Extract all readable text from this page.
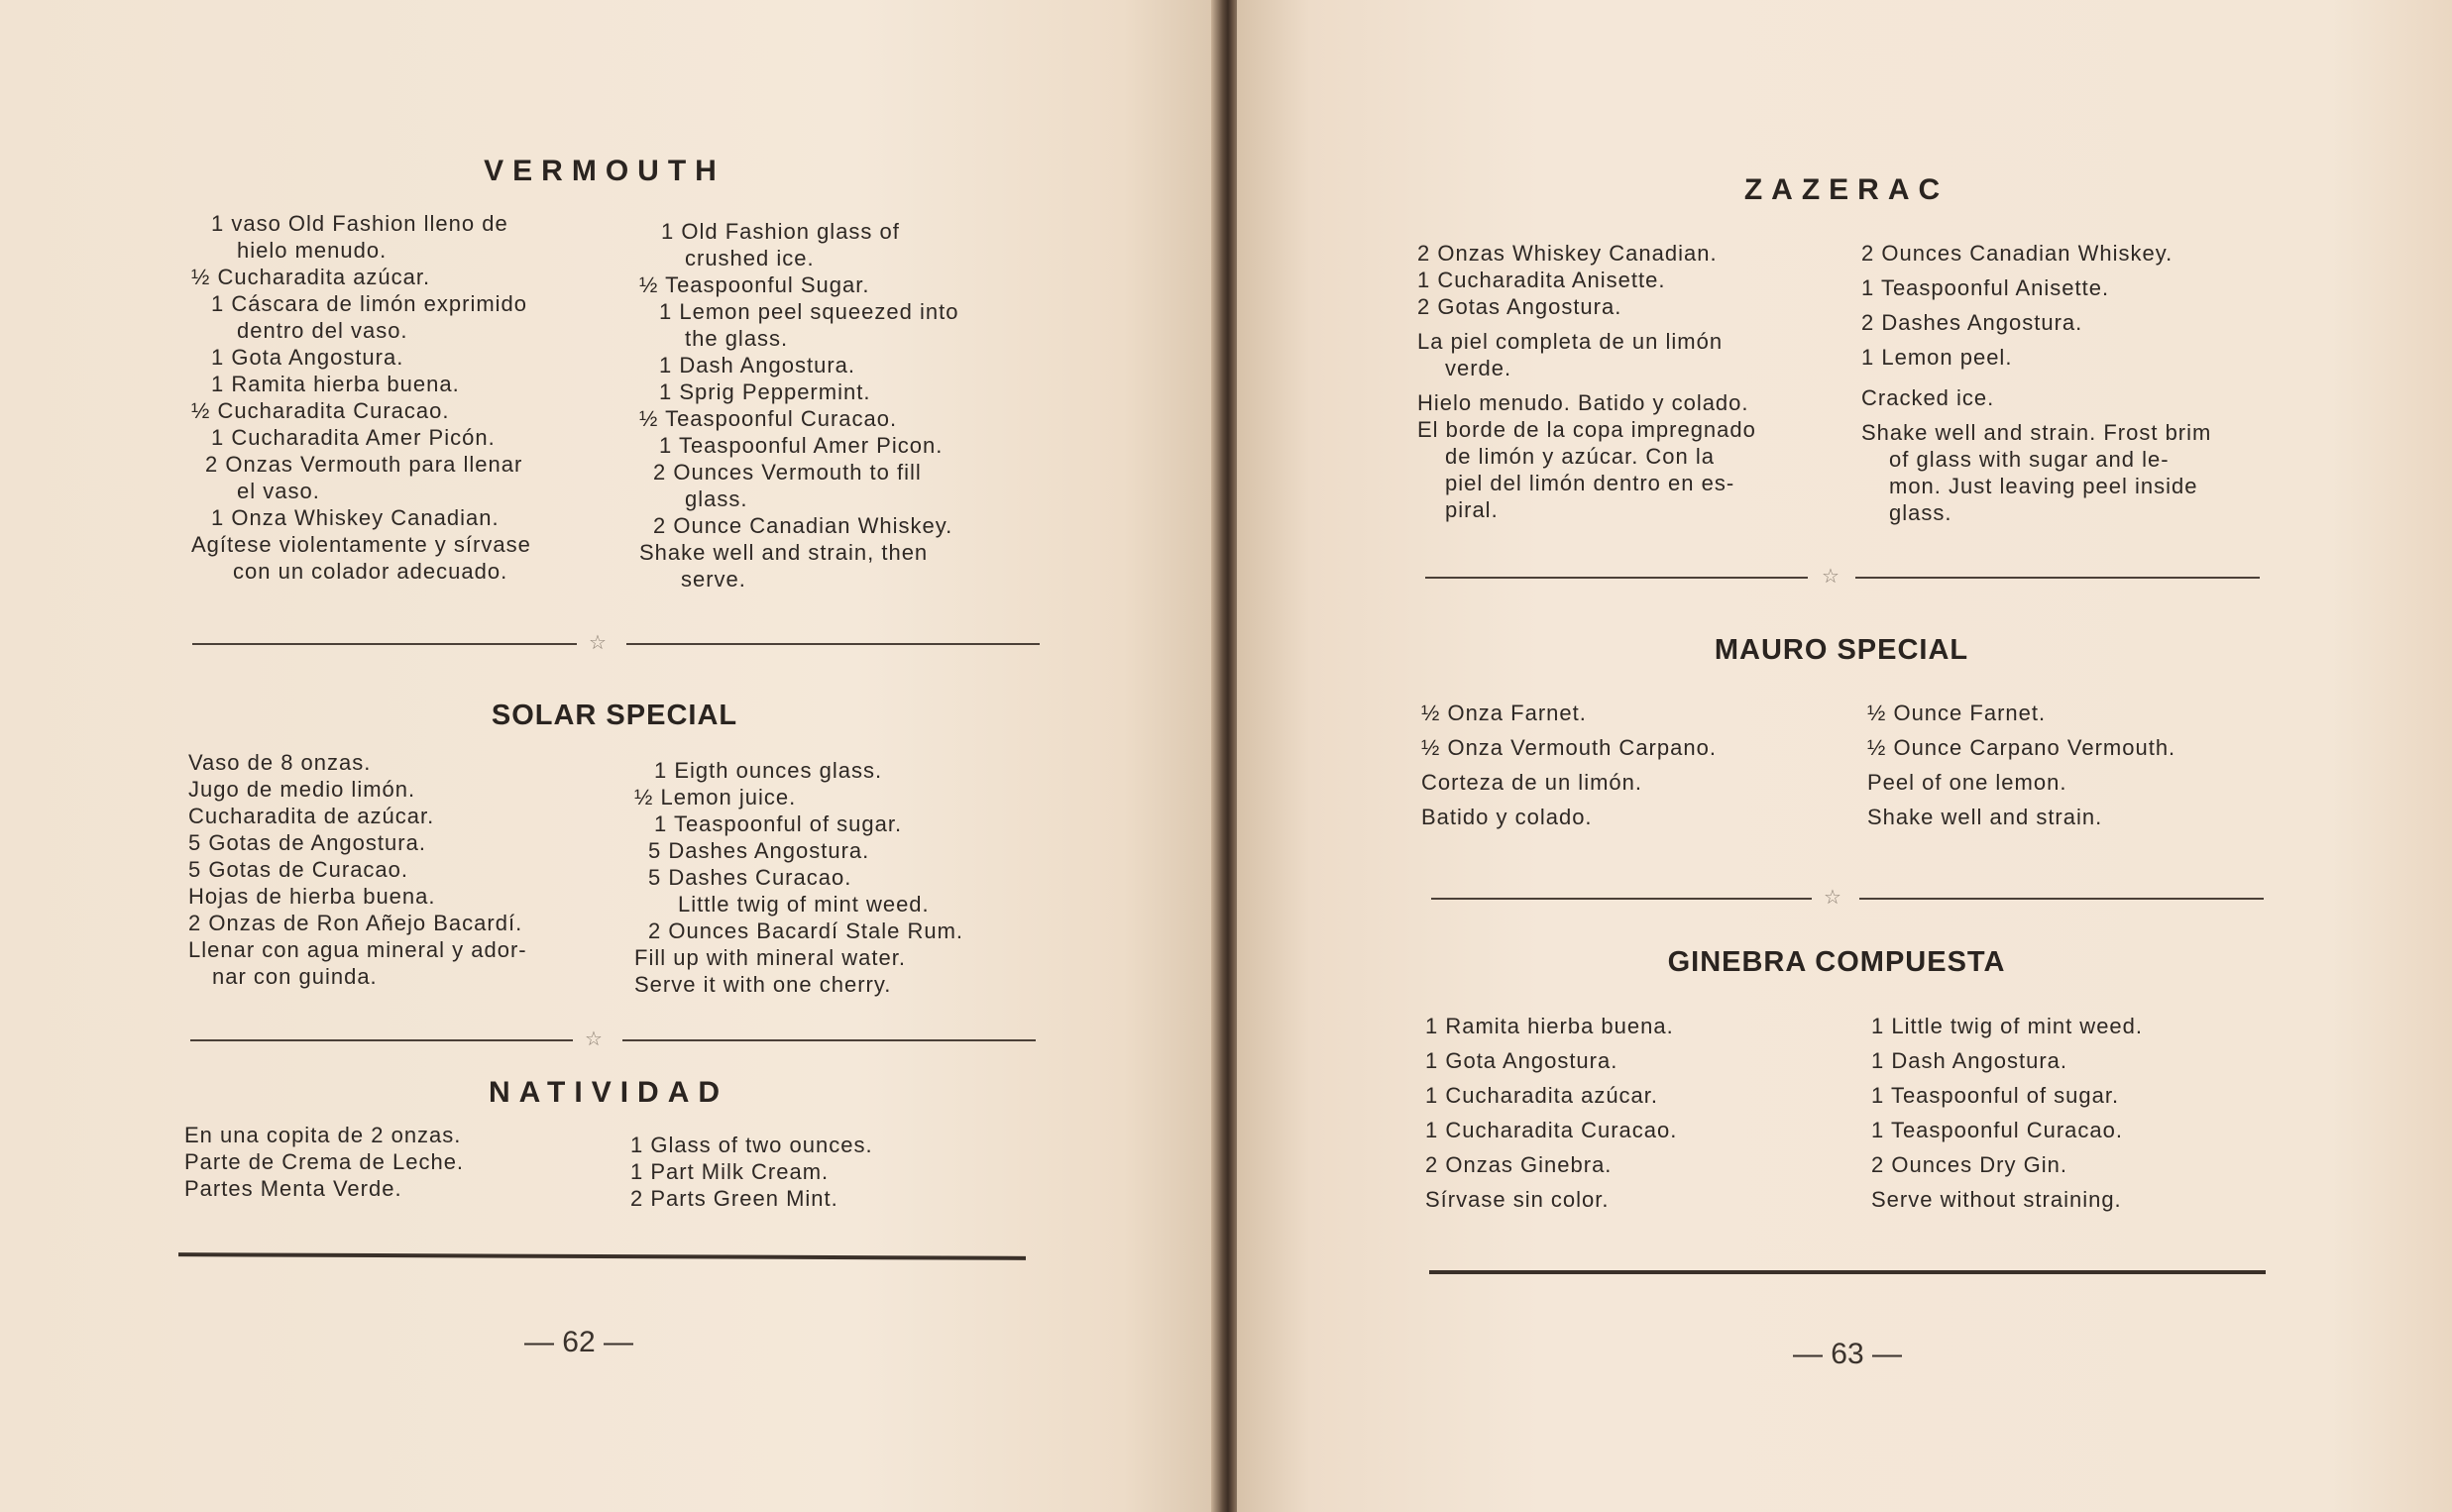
VERMOUTH
1 vaso Old Fashion lleno de
hielo menudo.
½ Cucharadita azúcar.
1 Cáscara de limón exprimido
dentro del vaso.
1 Gota Angostura.
1 Ramita hierba buena.
½ Cucharadita Curacao.
1 Cucharadita Amer Picón.
2 Onzas Vermouth para llenar
el vaso.
1 Onza Whiskey Canadian.
Agítese violentamente y sírvase
con un colador adecuado.
1 Old Fashion glass of
crushed ice.
½ Teaspoonful Sugar.
1 Lemon peel squeezed into
the glass.
1 Dash Angostura.
1 Sprig Peppermint.
½ Teaspoonful Curacao.
1 Teaspoonful Amer Picon.
2 Ounces Vermouth to fill
glass.
2 Ounce Canadian Whiskey.
Shake well and strain, then
serve.
☆
SOLAR SPECIAL
Vaso de 8 onzas.
Jugo de medio limón.
Cucharadita de azúcar.
5 Gotas de Angostura.
5 Gotas de Curacao.
Hojas de hierba buena.
2 Onzas de Ron Añejo Bacardí.
Llenar con agua mineral y ador-
nar con guinda.
1 Eigth ounces glass.
½ Lemon juice.
1 Teaspoonful of sugar.
5 Dashes Angostura.
5 Dashes Curacao.
Little twig of mint weed.
2 Ounces Bacardí Stale Rum.
Fill up with mineral water.
Serve it with one cherry.
☆
NATIVIDAD
En una copita de 2 onzas.
Parte de Crema de Leche.
Partes Menta Verde.
1 Glass of two ounces.
1 Part Milk Cream.
2 Parts Green Mint.
— 62 —
ZAZERAC
2 Onzas Whiskey Canadian.
1 Cucharadita Anisette.
2 Gotas Angostura.
La piel completa de un limón
verde.
Hielo menudo. Batido y colado.
El borde de la copa impregnado
de limón y azúcar. Con la
piel del limón dentro en es-
piral.
2 Ounces Canadian Whiskey.
1 Teaspoonful Anisette.
2 Dashes Angostura.
1 Lemon peel.
Cracked ice.
Shake well and strain. Frost brim
of glass with sugar and le-
mon. Just leaving peel inside
glass.
☆
MAURO SPECIAL
½ Onza Farnet.
½ Onza Vermouth Carpano.
Corteza de un limón.
Batido y colado.
½ Ounce Farnet.
½ Ounce Carpano Vermouth.
Peel of one lemon.
Shake well and strain.
☆
GINEBRA COMPUESTA
1 Ramita hierba buena.
1 Gota Angostura.
1 Cucharadita azúcar.
1 Cucharadita Curacao.
2 Onzas Ginebra.
Sírvase sin color.
1 Little twig of mint weed.
1 Dash Angostura.
1 Teaspoonful of sugar.
1 Teaspoonful Curacao.
2 Ounces Dry Gin.
Serve without straining.
— 63 —
